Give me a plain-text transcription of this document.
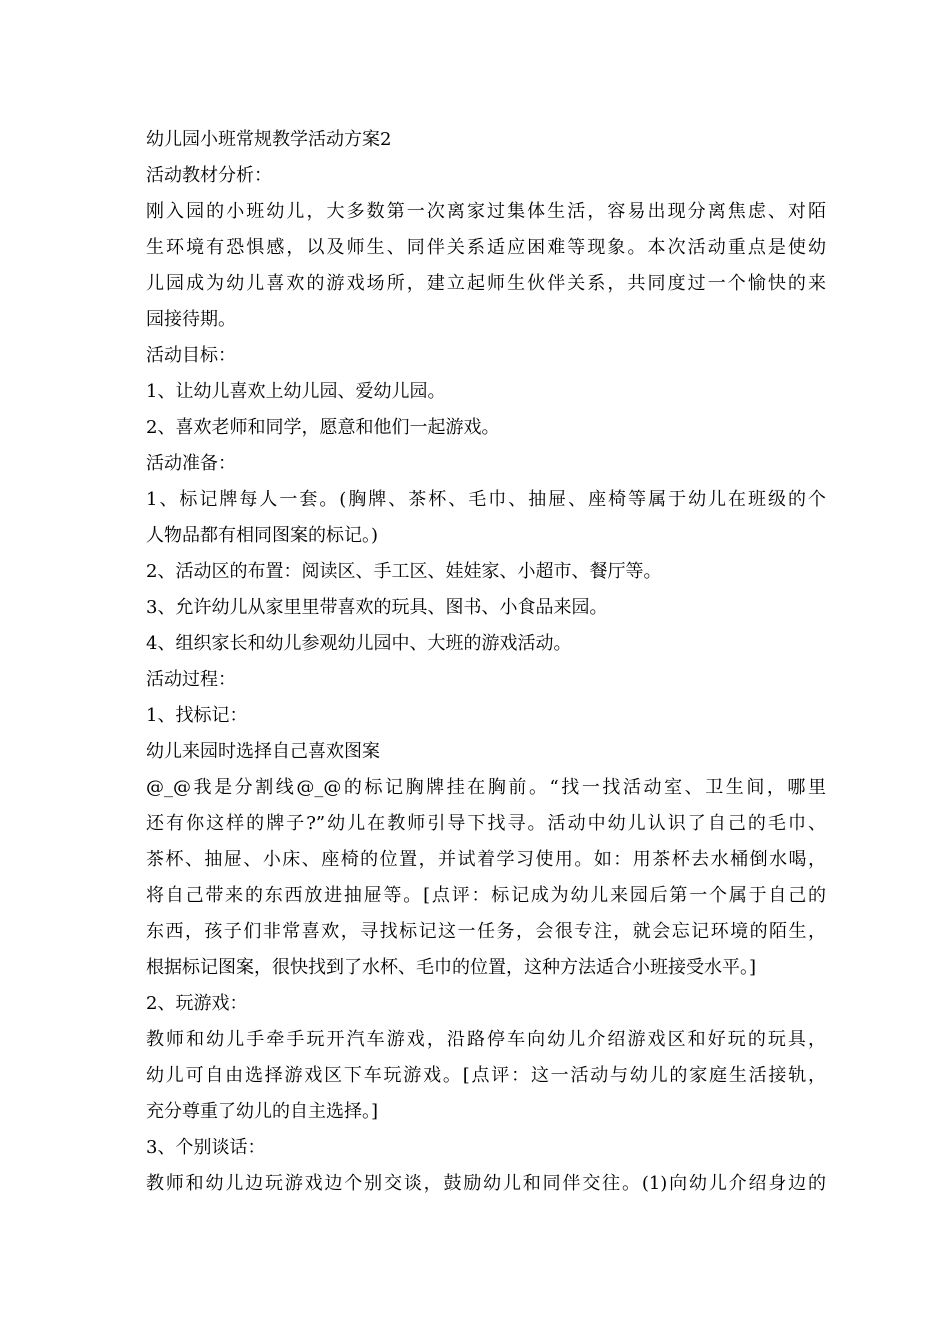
幼儿园小班常规教学活动方案2
活动教材分析：
刚入园的小班幼儿，大多数第一次离家过集体生活，容易出现分离焦虑、对陌
生环境有恐惧感，以及师生、同伴关系适应困难等现象。本次活动重点是使幼
儿园成为幼儿喜欢的游戏场所，建立起师生伙伴关系，共同度过一个愉快的来
园接待期。
活动目标：
1、让幼儿喜欢上幼儿园、爱幼儿园。
2、喜欢老师和同学，愿意和他们一起游戏。
活动准备：
1、标记牌每人一套。(胸牌、茶杯、毛巾、抽屉、座椅等属于幼儿在班级的个
人物品都有相同图案的标记。)
2、活动区的布置：阅读区、手工区、娃娃家、小超市、餐厅等。
3、允许幼儿从家里里带喜欢的玩具、图书、小食品来园。
4、组织家长和幼儿参观幼儿园中、大班的游戏活动。
活动过程：
1、找标记：
幼儿来园时选择自己喜欢图案
@_@我是分割线@_@的标记胸牌挂在胸前。“找一找活动室、卫生间，哪里
还有你这样的牌子?”幼儿在教师引导下找寻。活动中幼儿认识了自己的毛巾、
茶杯、抽屉、小床、座椅的位置，并试着学习使用。如：用茶杯去水桶倒水喝，
将自己带来的东西放进抽屉等。[点评：标记成为幼儿来园后第一个属于自己的
东西，孩子们非常喜欢，寻找标记这一任务，会很专注，就会忘记环境的陌生，
根据标记图案，很快找到了水杯、毛巾的位置，这种方法适合小班接受水平。]
2、玩游戏：
教师和幼儿手牵手玩开汽车游戏，沿路停车向幼儿介绍游戏区和好玩的玩具，
幼儿可自由选择游戏区下车玩游戏。[点评：这一活动与幼儿的家庭生活接轨，
充分尊重了幼儿的自主选择。]
3、个别谈话：
教师和幼儿边玩游戏边个别交谈，鼓励幼儿和同伴交往。(1)向幼儿介绍身边的
